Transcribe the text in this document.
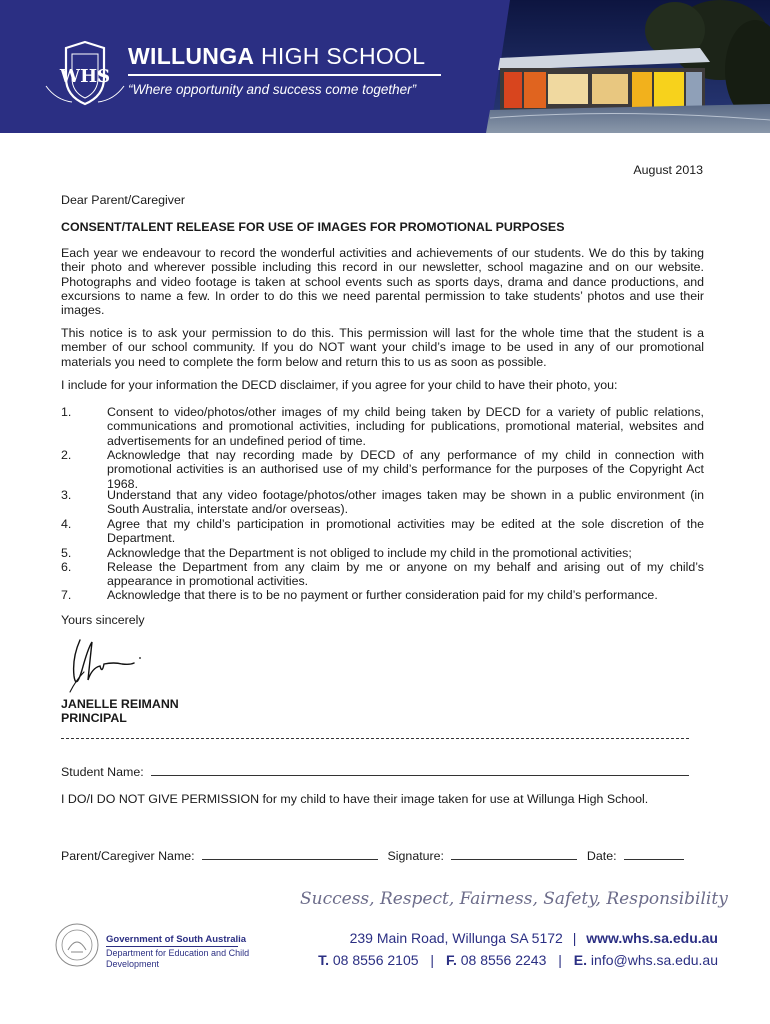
WHS
WILLUNGA HIGH SCHOOL
“Where opportunity and success come together”
August 2013
Dear Parent/Caregiver
CONSENT/TALENT RELEASE FOR USE OF IMAGES FOR PROMOTIONAL PURPOSES
Each year we endeavour to record the wonderful activities and achievements of our students. We do this by taking their photo and wherever possible including this record in our newsletter, school magazine and on our website. Photographs and video footage is taken at school events such as sports days, drama and dance productions, and excursions to name a few. In order to do this we need parental permission to take students’ photos and use their images.
This notice is to ask your permission to do this. This permission will last for the whole time that the student is a member of our school community. If you do NOT want your child’s image to be used in any of our promotional materials you need to complete the form below and return this to us as soon as possible.
I include for your information the DECD disclaimer, if you agree for your child to have their photo, you:
1.	Consent to video/photos/other images of my child being taken by DECD for a variety of public relations, communications and promotional activities, including for publications, promotional material, websites and advertisements for an undefined period of time.
2.	Acknowledge that nay recording made by DECD of any performance of my child in connection with promotional activities is an authorised use of my child’s performance for the purposes of the Copyright Act 1968.
3.	Understand that any video footage/photos/other images taken may be shown in a public environment (in South Australia, interstate and/or overseas).
4.	Agree that my child’s participation in promotional activities may be edited at the sole discretion of the Department.
5.	Acknowledge that the Department is not obliged to include my child in the promotional activities;
6.	Release the Department from any claim by me or anyone on my behalf and arising out of my child’s appearance in promotional activities.
7.	Acknowledge that there is to be no payment or further consideration paid for my child’s performance.
Yours sincerely
JANELLE REIMANN
PRINCIPAL
Student Name:
I DO/I DO NOT GIVE PERMISSION for my child to have their image taken for use at Willunga High School.
Parent/Caregiver Name:	Signature:	Date:
Success, Respect, Fairness, Safety, Responsibility
Government of South Australia
Department for Education and Child Development
239 Main Road, Willunga SA 5172 | www.whs.sa.edu.au
T. 08 8556 2105 | F. 08 8556 2243 | E. info@whs.sa.edu.au
